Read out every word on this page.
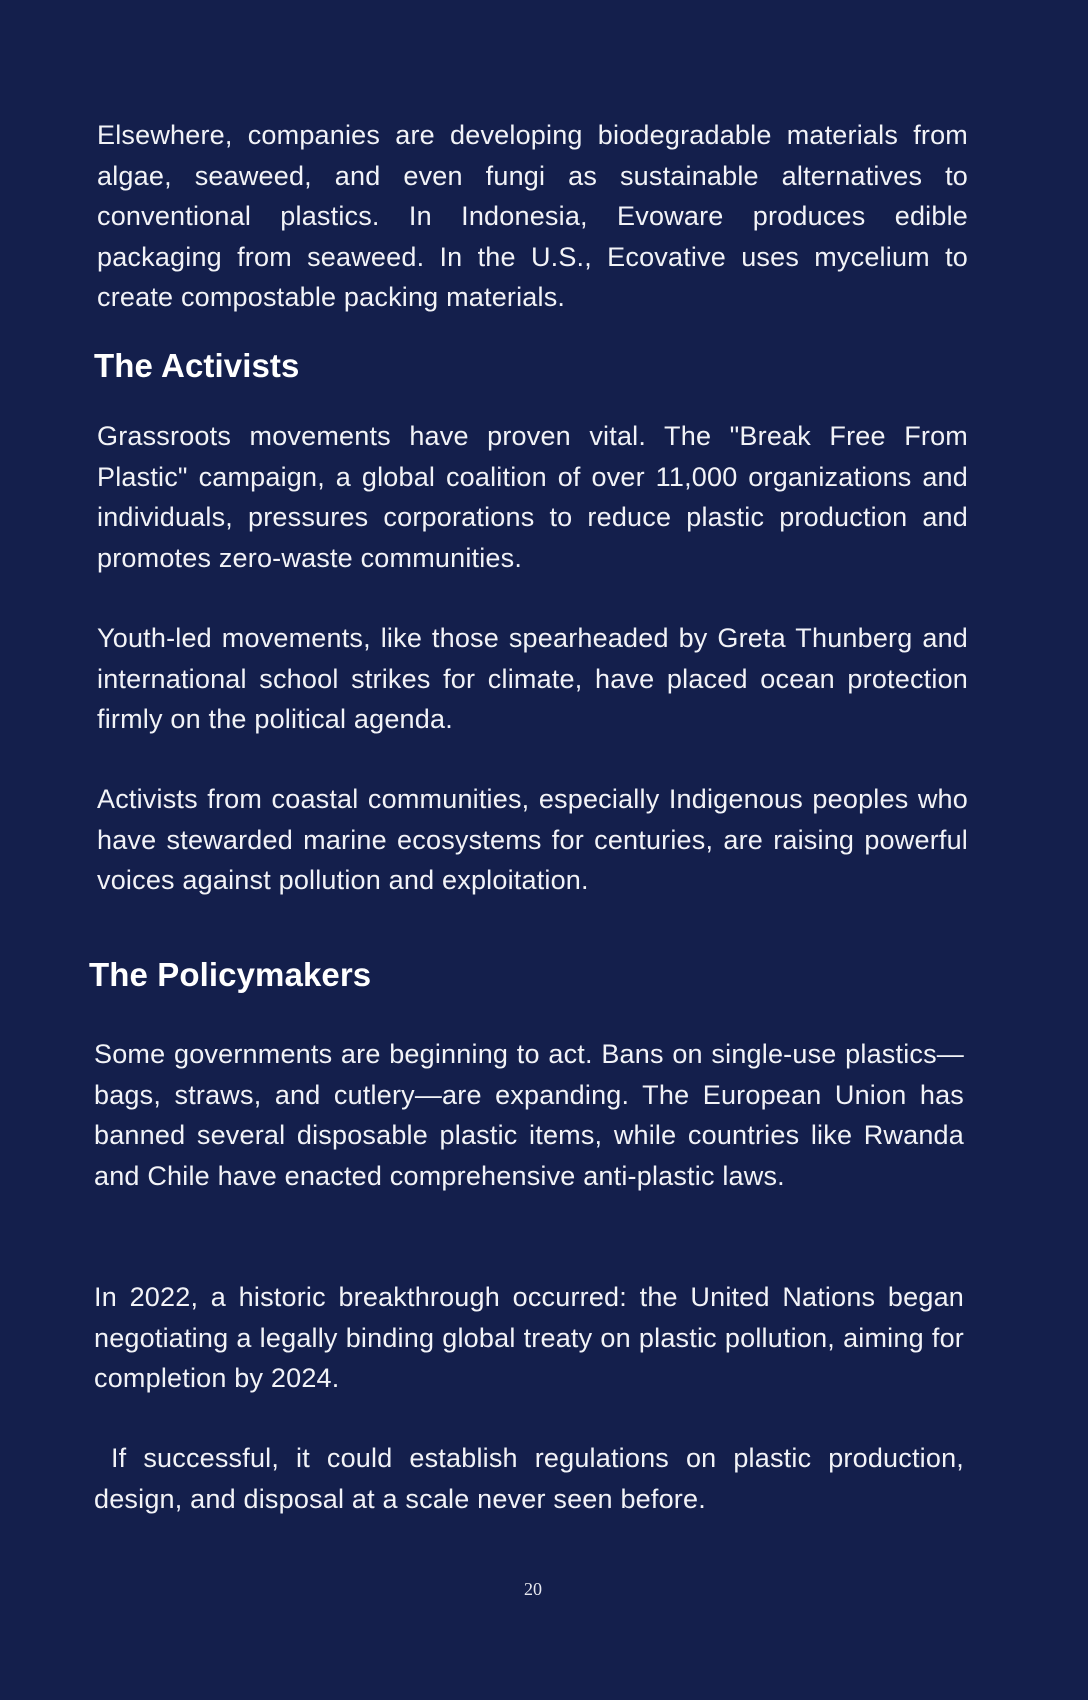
Elsewhere, companies are developing biodegradable materials from algae, seaweed, and even fungi as sustainable alternatives to conventional plastics. In Indonesia, Evoware produces edible packaging from seaweed. In the U.S., Ecovative uses mycelium to create compostable packing materials.

The Activists

Grassroots movements have proven vital. The "Break Free From Plastic" campaign, a global coalition of over 11,000 organizations and individuals, pressures corporations to reduce plastic production and promotes zero-waste communities.

Youth-led movements, like those spearheaded by Greta Thunberg and international school strikes for climate, have placed ocean protection firmly on the political agenda.

Activists from coastal communities, especially Indigenous peoples who have stewarded marine ecosystems for centuries, are raising powerful voices against pollution and exploitation.

The Policymakers

Some governments are beginning to act. Bans on single-use plastics—bags, straws, and cutlery—are expanding. The European Union has banned several disposable plastic items, while countries like Rwanda and Chile have enacted comprehensive anti-plastic laws.

In 2022, a historic breakthrough occurred: the United Nations began negotiating a legally binding global treaty on plastic pollution, aiming for completion by 2024.

If successful, it could establish regulations on plastic production, design, and disposal at a scale never seen before.

20
